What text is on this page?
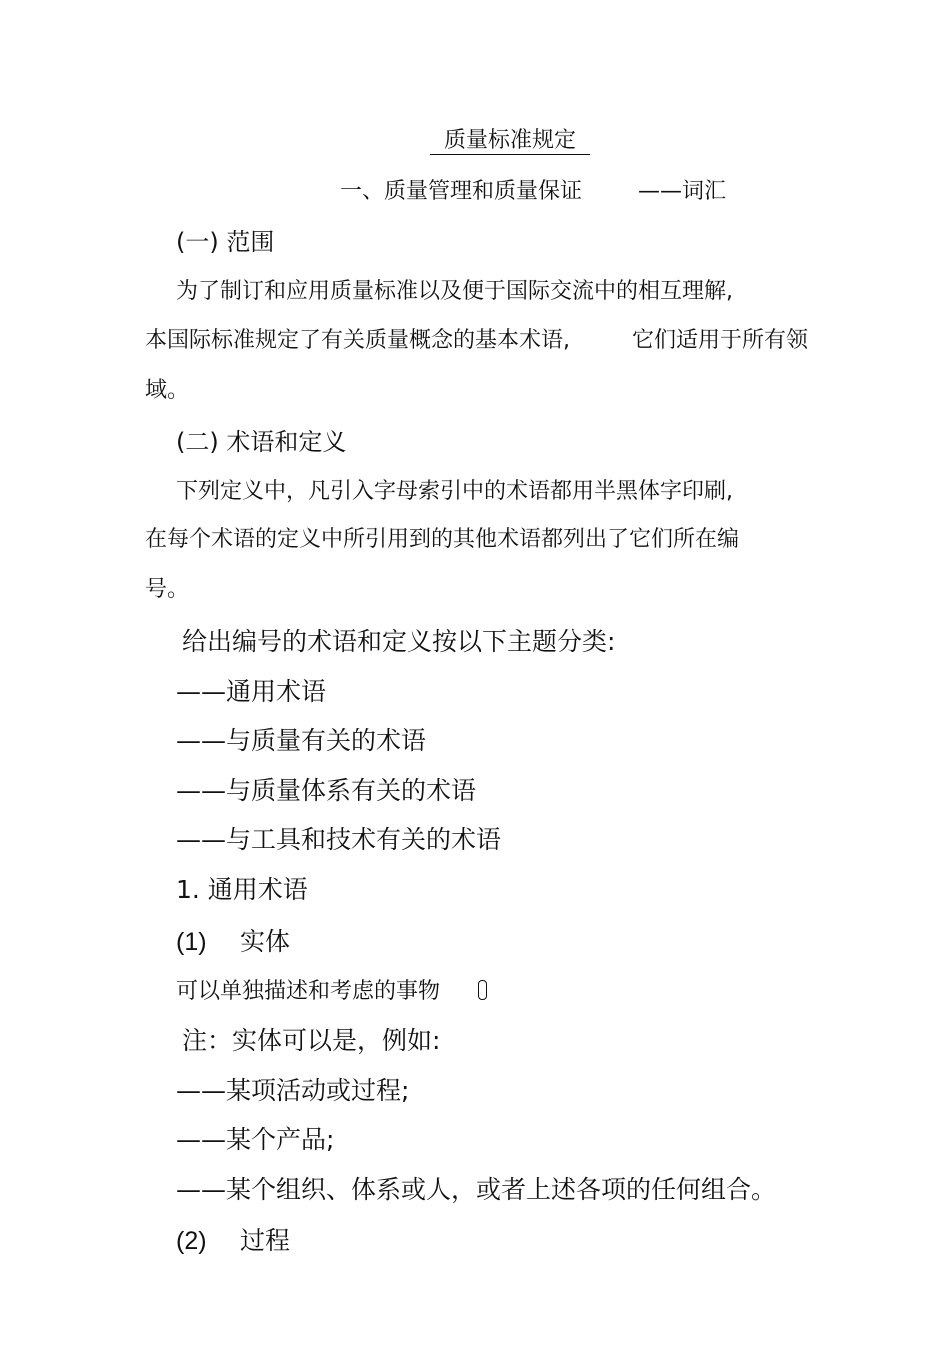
质量标准规定
一、质量管理和质量保证	——词汇
(一) 范围
为了制订和应用质量标准以及便于国际交流中的相互理解,
本国际标准规定了有关质量概念的基本术语,	它们适用于所有领
域。
(二) 术语和定义
下列定义中，凡引入字母索引中的术语都用半黑体字印刷,
在每个术语的定义中所引用到的其他术语都列出了它们所在编
号。
给出编号的术语和定义按以下主题分类:
——通用术语
——与质量有关的术语
——与质量体系有关的术语
——与工具和技术有关的术语
1. 通用术语
(1) 实体
可以单独描述和考虑的事物
注：实体可以是，例如:
——某项活动或过程;
——某个产品;
——某个组织、体系或人，或者上述各项的任何组合。
(2) 过程
